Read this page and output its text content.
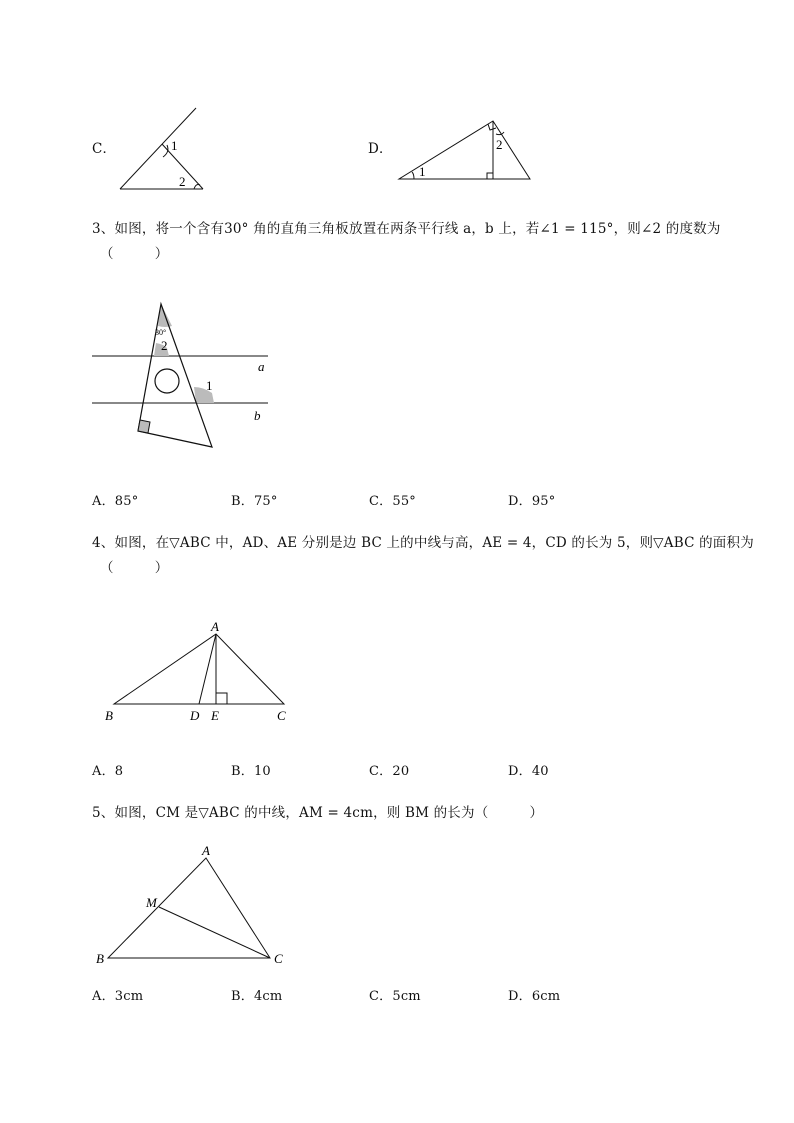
C．	1
2
D．
1
2
3、如图，将一个含有30° 角的直角三角板放置在两条平行线 a，b 上，若∠1 = 115°，则∠2 的度数为
（　　　）
30°
2
1
a
b
A．85°	B．75°	C．55°	D．95°
4、如图，在▽ABC 中，AD、AE 分别是边 BC 上的中线与高，AE = 4，CD 的长为 5，则▽ABC 的面积为
（　　　）
A
B	D E	C
A．8	B．10	C．20	D．40
5、如图，CM 是▽ABC 的中线，AM = 4cm，则 BM 的长为（　　　）
A
M
B	C
A．3cm	B．4cm	C．5cm	D．6cm
